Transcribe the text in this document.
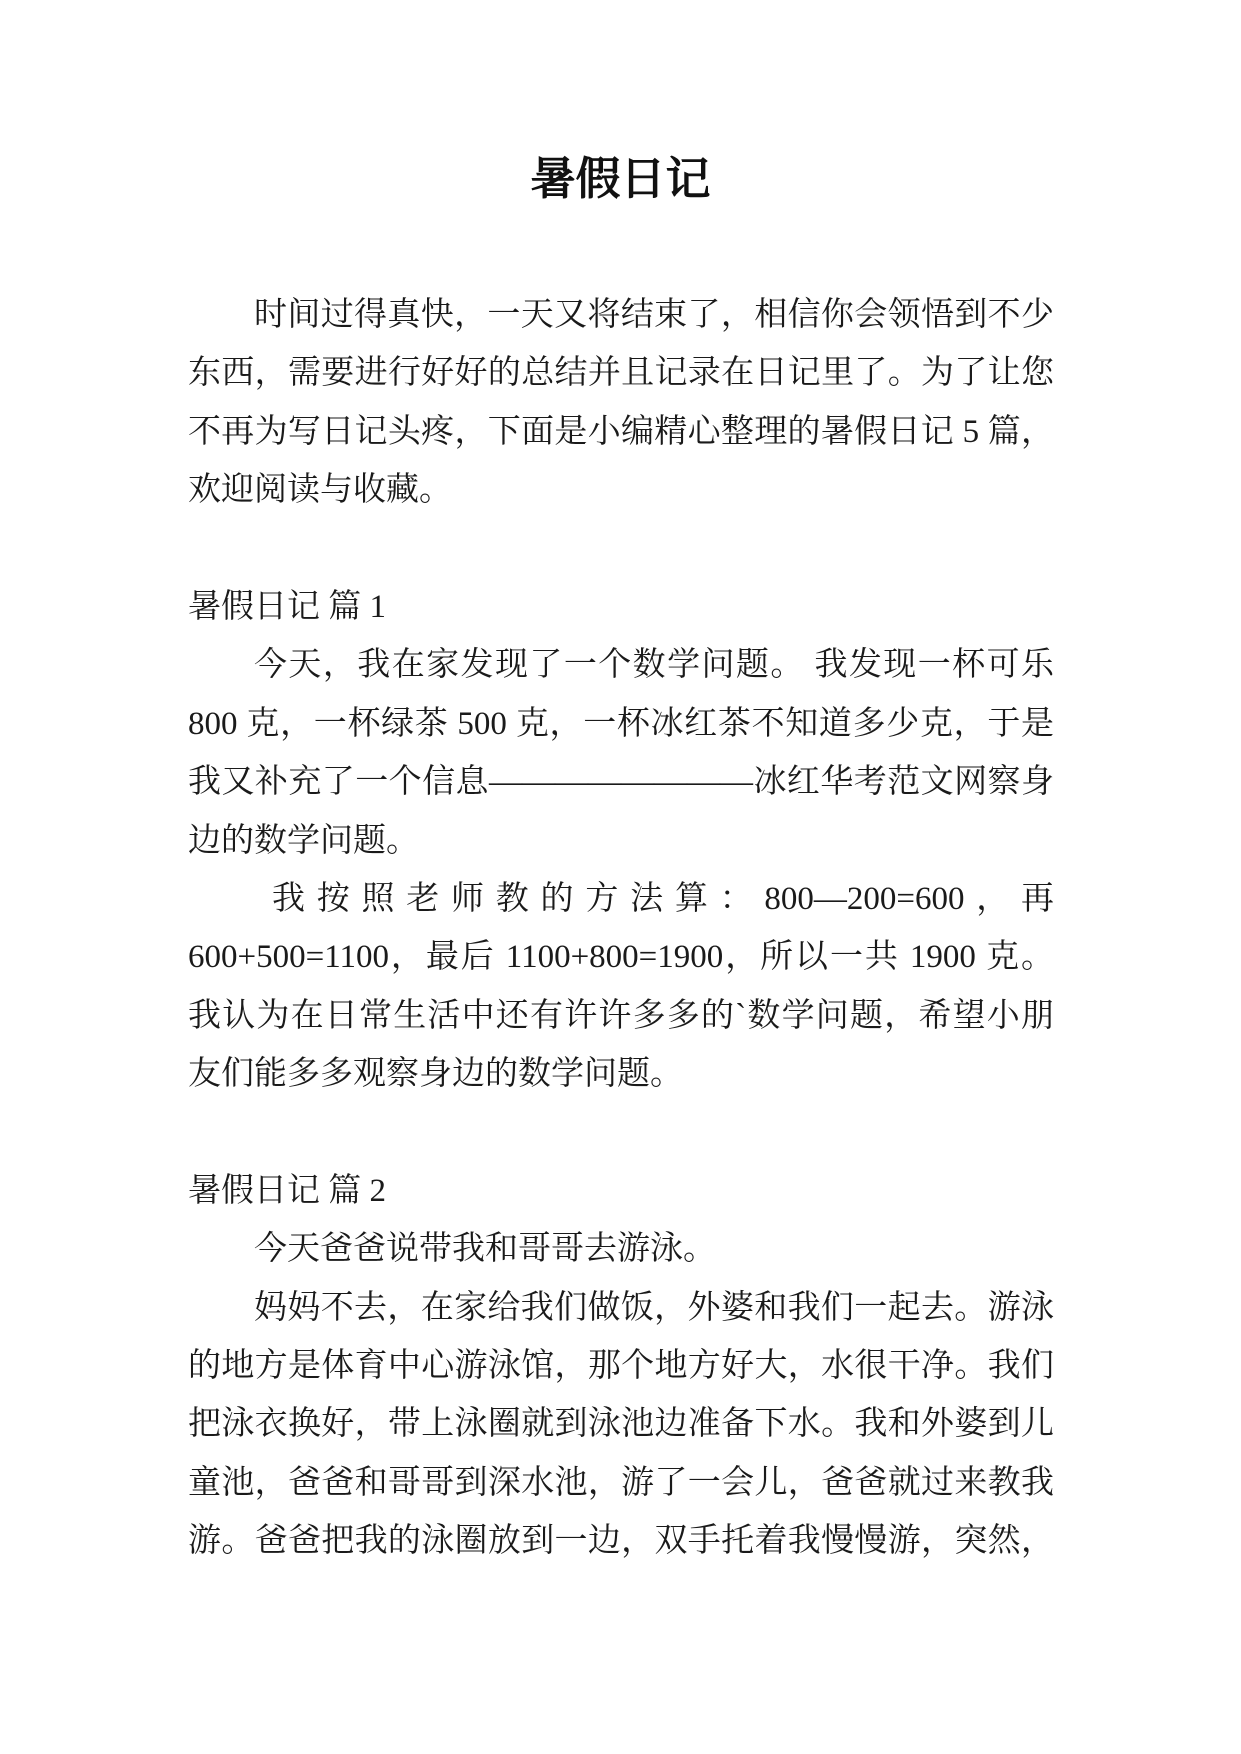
暑假日记
时间过得真快，一天又将结束了，相信你会领悟到不少
东西，需要进行好好的总结并且记录在日记里了。为了让您
不再为写日记头疼，下面是小编精心整理的暑假日记 5 篇，
欢迎阅读与收藏。
暑假日记 篇 1
今天，我在家发现了一个数学问题。 我发现一杯可乐
800 克，一杯绿茶 500 克，一杯冰红茶不知道多少克，于是
我又补充了一个信息————————冰红华考范文网察身
边的数学问题。
我按照老师教的方法算：800—200=600，再
600+500=1100，最后 1100+800=1900，所以一共 1900 克。
我认为在日常生活中还有许许多多的`数学问题，希望小朋
友们能多多观察身边的数学问题。
暑假日记 篇 2
今天爸爸说带我和哥哥去游泳。
妈妈不去，在家给我们做饭，外婆和我们一起去。游泳
的地方是体育中心游泳馆，那个地方好大，水很干净。我们
把泳衣换好，带上泳圈就到泳池边准备下水。我和外婆到儿
童池，爸爸和哥哥到深水池，游了一会儿，爸爸就过来教我
游。爸爸把我的泳圈放到一边，双手托着我慢慢游，突然，
